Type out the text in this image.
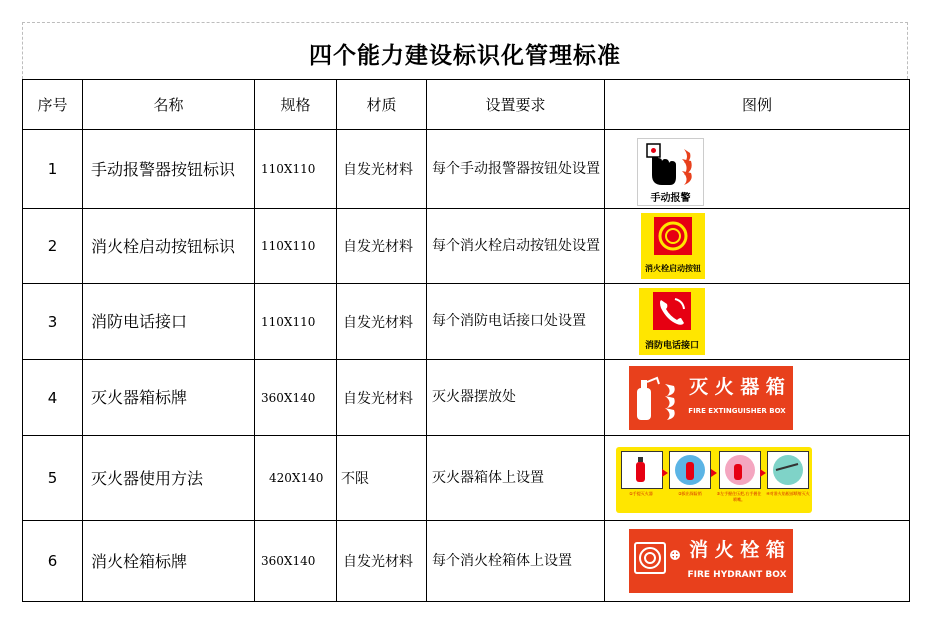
四个能力建设标识化管理标准
序号	名称	规格	材质	设置要求	图例
1	手动报警器按钮标识	110X110	自发光材料	每个手动报警器按钮处设置	手动报警

2	消火栓启动按钮标识	110X110	自发光材料	每个消火栓启动按钮处设置	消火栓启动按钮

3	消防电话接口	110X110	自发光材料	每个消防电话接口处设置	消防电话接口

4	灭火器箱标牌	360X140	自发光材料	灭火器摆放处	灭 火 器 箱
FIRE EXTINGUISHER BOX

5	灭火器使用方法	420X140	不限	灭火器箱体上设置	①手提灭火器 ②拔出保险销 ③左手握住压把,右手握住喷嘴。
④对准火焰根部喷射灭火

6	消火栓箱标牌	360X140	自发光材料	每个消火栓箱体上设置	消 火 栓 箱
FIRE HYDRANT BOX
